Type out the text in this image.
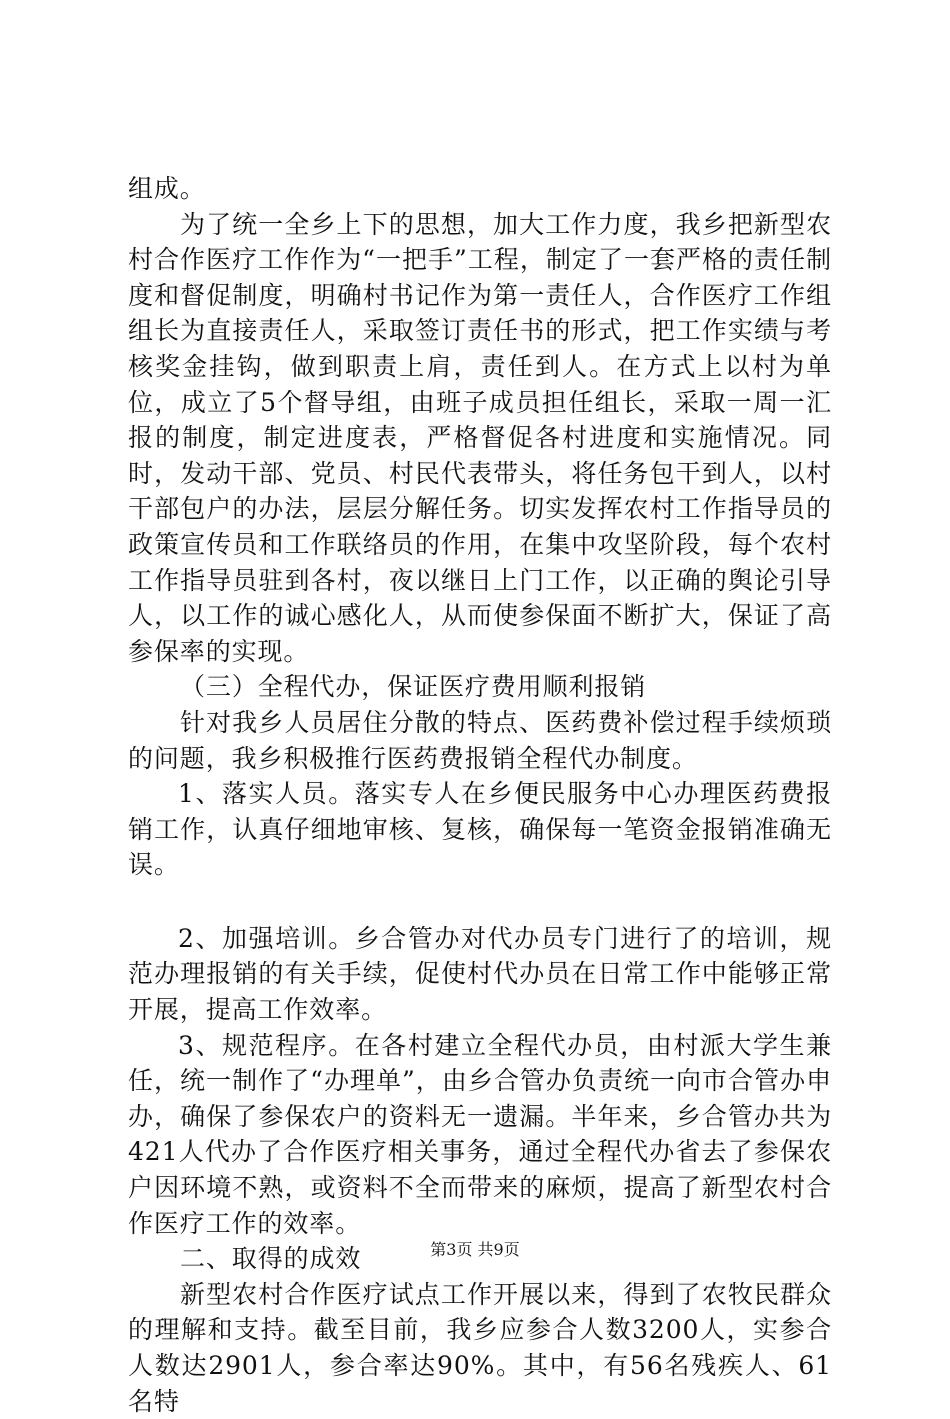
组成。

为了统一全乡上下的思想，加大工作力度，我乡把新型农村合作医疗工作作为“一把手”工程，制定了一套严格的责任制度和督促制度，明确村书记作为第一责任人，合作医疗工作组组长为直接责任人，采取签订责任书的形式，把工作实绩与考核奖金挂钩，做到职责上肩，责任到人。在方式上以村为单位，成立了5个督导组，由班子成员担任组长，采取一周一汇报的制度，制定进度表，严格督促各村进度和实施情况。同时，发动干部、党员、村民代表带头，将任务包干到人，以村干部包户的办法，层层分解任务。切实发挥农村工作指导员的政策宣传员和工作联络员的作用，在集中攻坚阶段，每个农村工作指导员驻到各村，夜以继日上门工作，以正确的舆论引导人，以工作的诚心感化人，从而使参保面不断扩大，保证了高参保率的实现。

（三）全程代办，保证医疗费用顺利报销

针对我乡人员居住分散的特点、医药费补偿过程手续烦琐的问题，我乡积极推行医药费报销全程代办制度。

1、落实人员。落实专人在乡便民服务中心办理医药费报销工作，认真仔细地审核、复核，确保每一笔资金报销准确无误。

2、加强培训。乡合管办对代办员专门进行了的培训，规范办理报销的有关手续，促使村代办员在日常工作中能够正常开展，提高工作效率。

3、规范程序。在各村建立全程代办员，由村派大学生兼任，统一制作了“办理单”，由乡合管办负责统一向市合管办申办，确保了参保农户的资料无一遗漏。半年来，乡合管办共为421人代办了合作医疗相关事务，通过全程代办省去了参保农户因环境不熟，或资料不全而带来的麻烦，提高了新型农村合作医疗工作的效率。

二、取得的成效

新型农村合作医疗试点工作开展以来，得到了农牧民群众的理解和支持。截至目前，我乡应参合人数3200人，实参合人数达2901人，参合率达90%。其中，有56名残疾人、61名特

第3页 共9页
